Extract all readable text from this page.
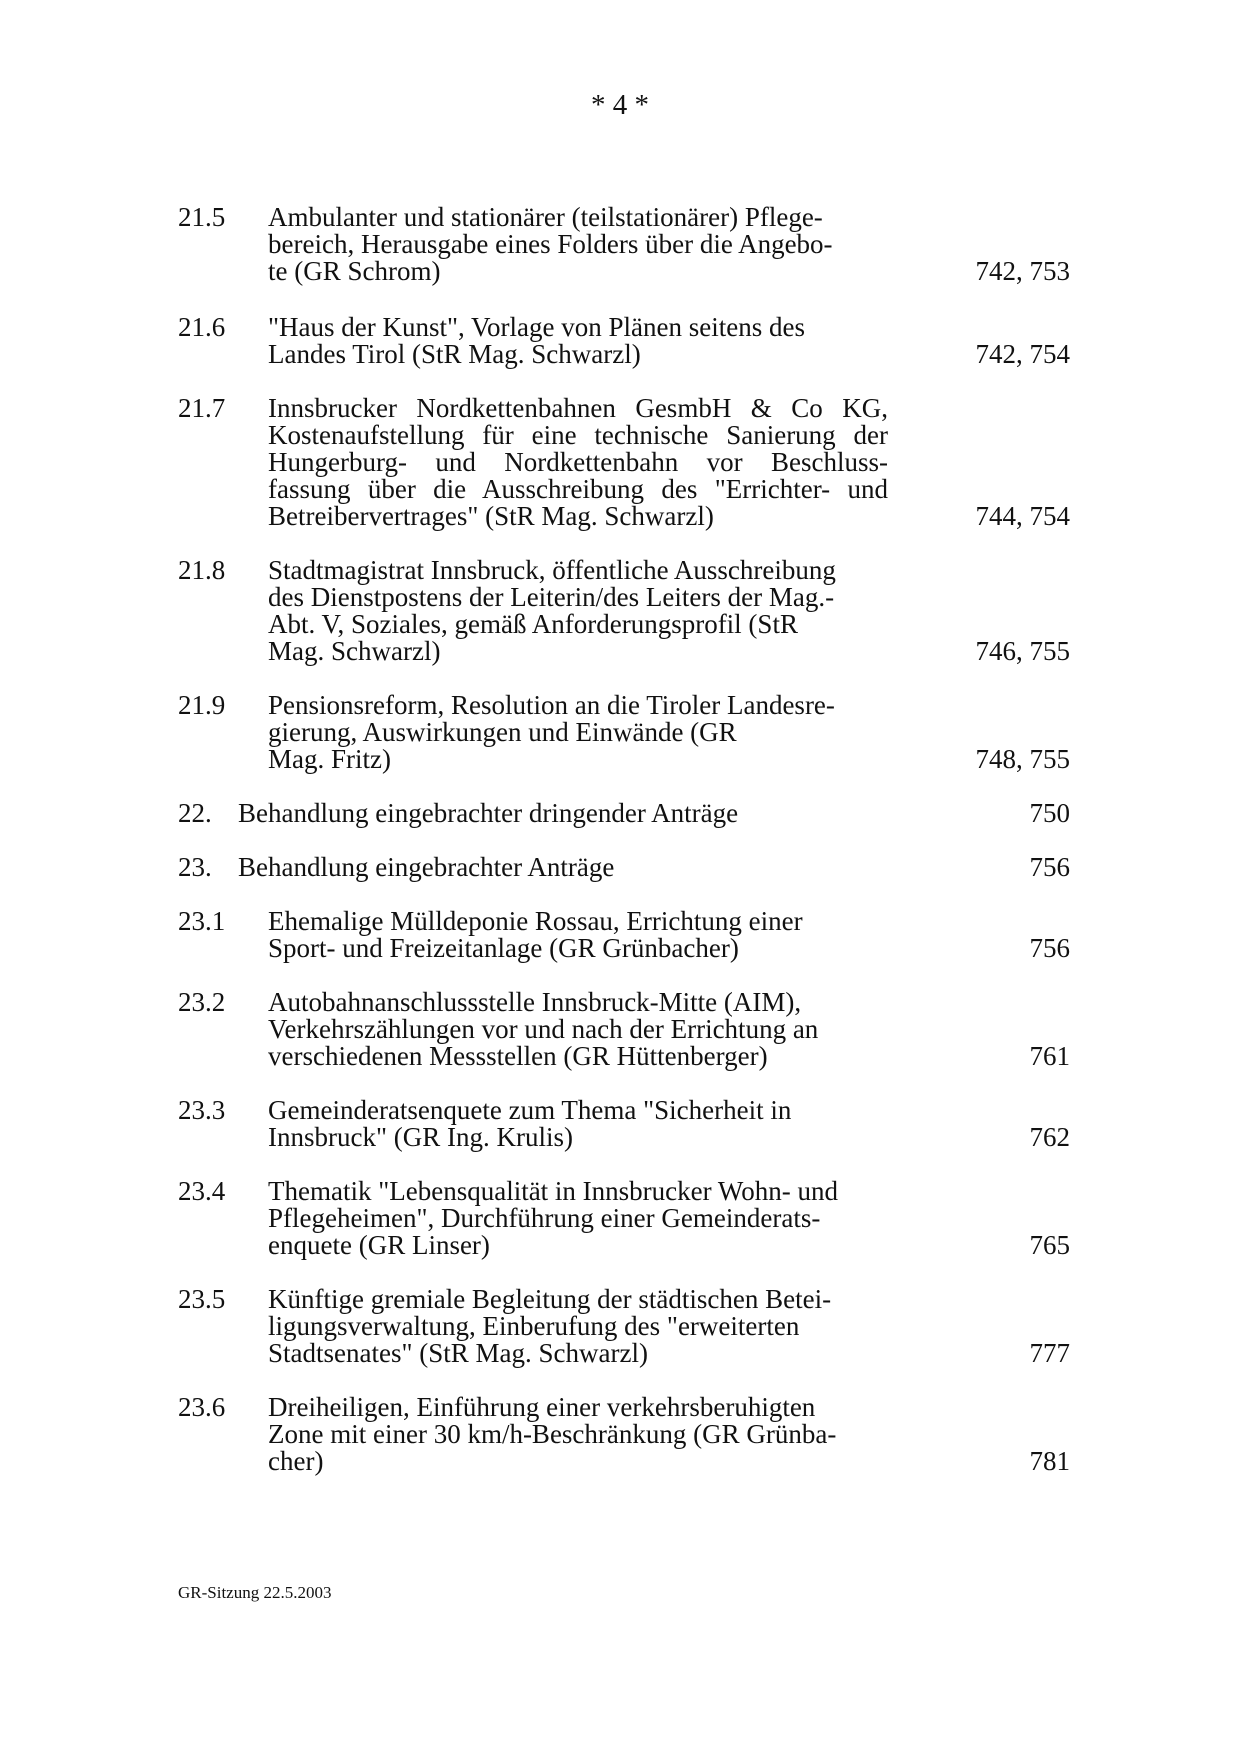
* 4 *
21.5 Ambulanter und stationärer (teilstationärer) Pflege-
bereich, Herausgabe eines Folders über die Angebo-
te (GR Schrom)	742, 753
21.6 "Haus der Kunst", Vorlage von Plänen seitens des
Landes Tirol (StR Mag. Schwarzl)	742, 754
21.7 Innsbrucker Nordkettenbahnen GesmbH & Co KG,
Kostenaufstellung für eine technische Sanierung der
Hungerburg- und Nordkettenbahn vor Beschluss-
fassung über die Ausschreibung des "Errichter- und
Betreibervertrages" (StR Mag. Schwarzl)	744, 754
21.8 Stadtmagistrat Innsbruck, öffentliche Ausschreibung
des Dienstpostens der Leiterin/des Leiters der Mag.-
Abt. V, Soziales, gemäß Anforderungsprofil (StR
Mag. Schwarzl)	746, 755
21.9 Pensionsreform, Resolution an die Tiroler Landesre-
gierung, Auswirkungen und Einwände (GR
Mag. Fritz)	748, 755
22. Behandlung eingebrachter dringender Anträge	750
23. Behandlung eingebrachter Anträge	756
23.1 Ehemalige Mülldeponie Rossau, Errichtung einer
Sport- und Freizeitanlage (GR Grünbacher)	756
23.2 Autobahnanschlussstelle Innsbruck-Mitte (AIM),
Verkehrszählungen vor und nach der Errichtung an
verschiedenen Messstellen (GR Hüttenberger)	761
23.3 Gemeinderatsenquete zum Thema "Sicherheit in
Innsbruck" (GR Ing. Krulis)	762
23.4 Thematik "Lebensqualität in Innsbrucker Wohn- und
Pflegeheimen", Durchführung einer Gemeinderats-
enquete (GR Linser)	765
23.5 Künftige gremiale Begleitung der städtischen Betei-
ligungsverwaltung, Einberufung des "erweiterten
Stadtsenates" (StR Mag. Schwarzl)	777
23.6 Dreiheiligen, Einführung einer verkehrsberuhigten
Zone mit einer 30 km/h-Beschränkung (GR Grünba-
cher)	781
GR-Sitzung 22.5.2003
